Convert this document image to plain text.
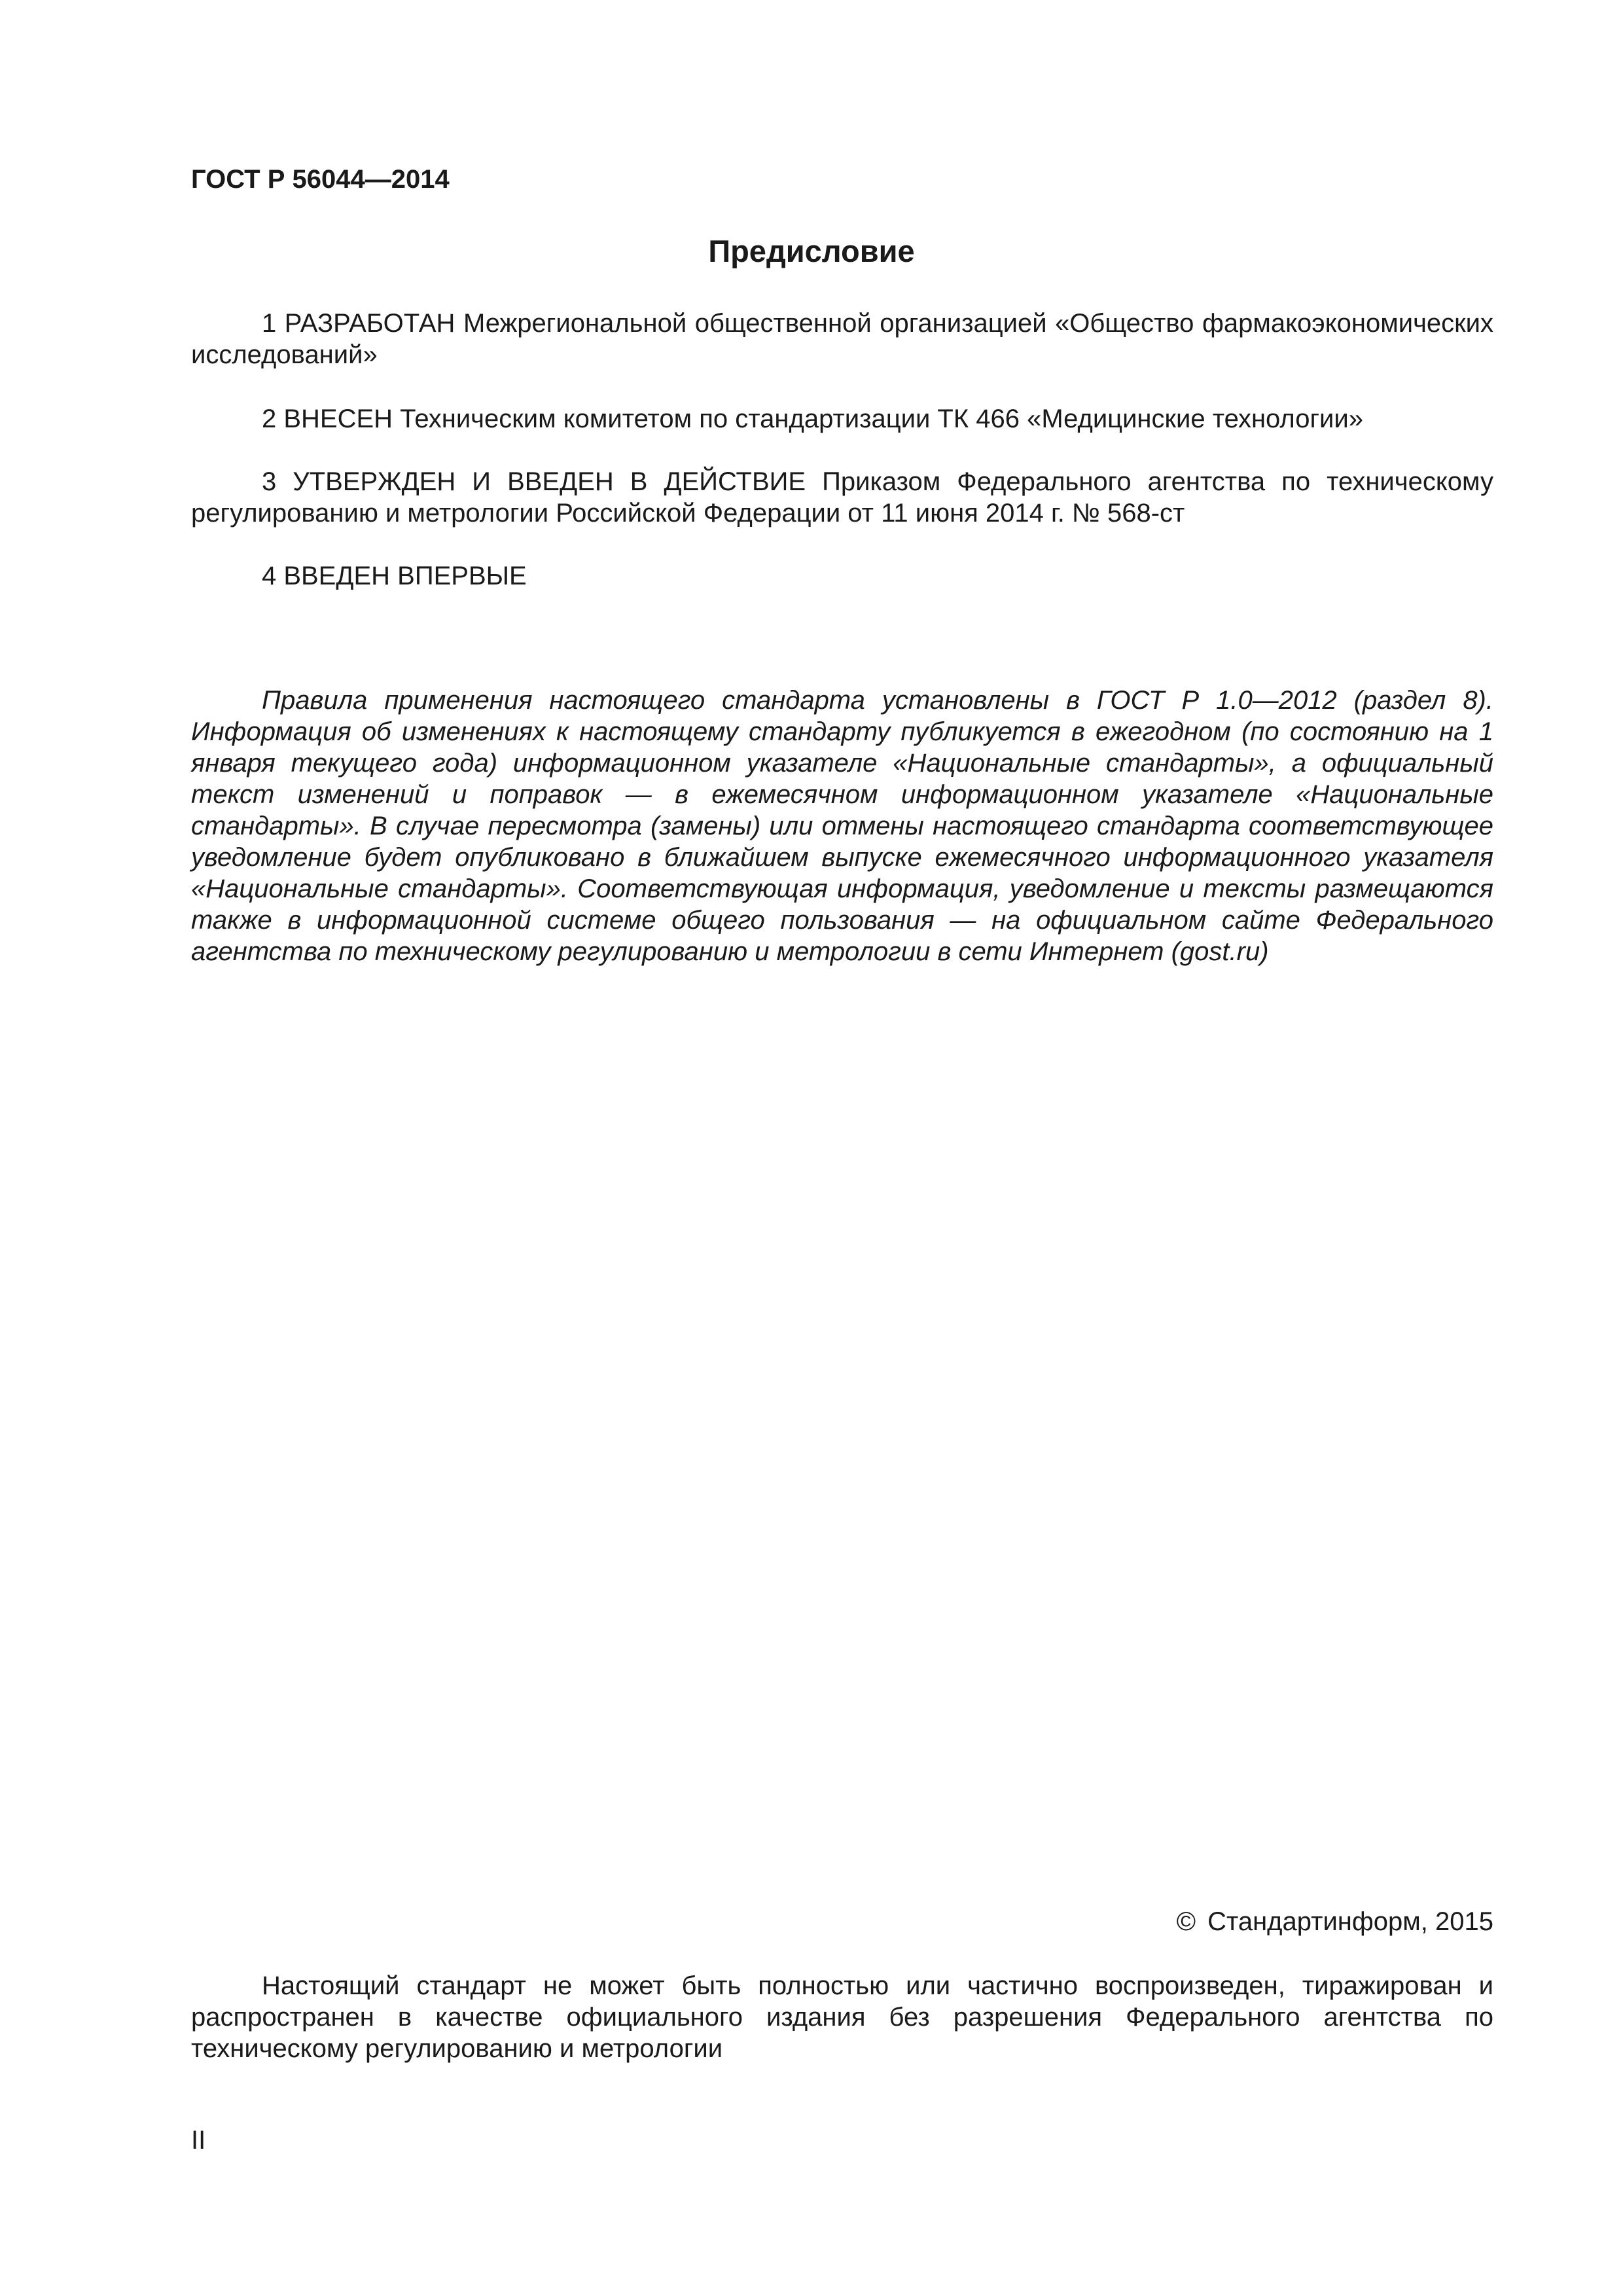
ГОСТ Р 56044—2014

Предисловие

1 РАЗРАБОТАН Межрегиональной общественной организацией «Общество фармакоэкономических исследований»

2 ВНЕСЕН Техническим комитетом по стандартизации ТК 466 «Медицинские технологии»

3 УТВЕРЖДЕН И ВВЕДЕН В ДЕЙСТВИЕ Приказом Федерального агентства по техническому регулированию и метрологии Российской Федерации от 11 июня 2014 г. № 568-ст

4 ВВЕДЕН ВПЕРВЫЕ

Правила применения настоящего стандарта установлены в ГОСТ Р 1.0—2012 (раздел 8). Информация об изменениях к настоящему стандарту публикуется в ежегодном (по состоянию на 1 января текущего года) информационном указателе «Национальные стандарты», а официальный текст изменений и поправок — в ежемесячном информационном указателе «Национальные стандарты». В случае пересмотра (замены) или отмены настоящего стандарта соответствующее уведомление будет опубликовано в ближайшем выпуске ежемесячного информационного указателя «Национальные стандарты». Соответствующая информация, уведомление и тексты размещаются также в информационной системе общего пользования — на официальном сайте Федерального агентства по техническому регулированию и метрологии в сети Интернет (gost.ru)

© Стандартинформ, 2015

Настоящий стандарт не может быть полностью или частично воспроизведен, тиражирован и распространен в качестве официального издания без разрешения Федерального агентства по техническому регулированию и метрологии

II
